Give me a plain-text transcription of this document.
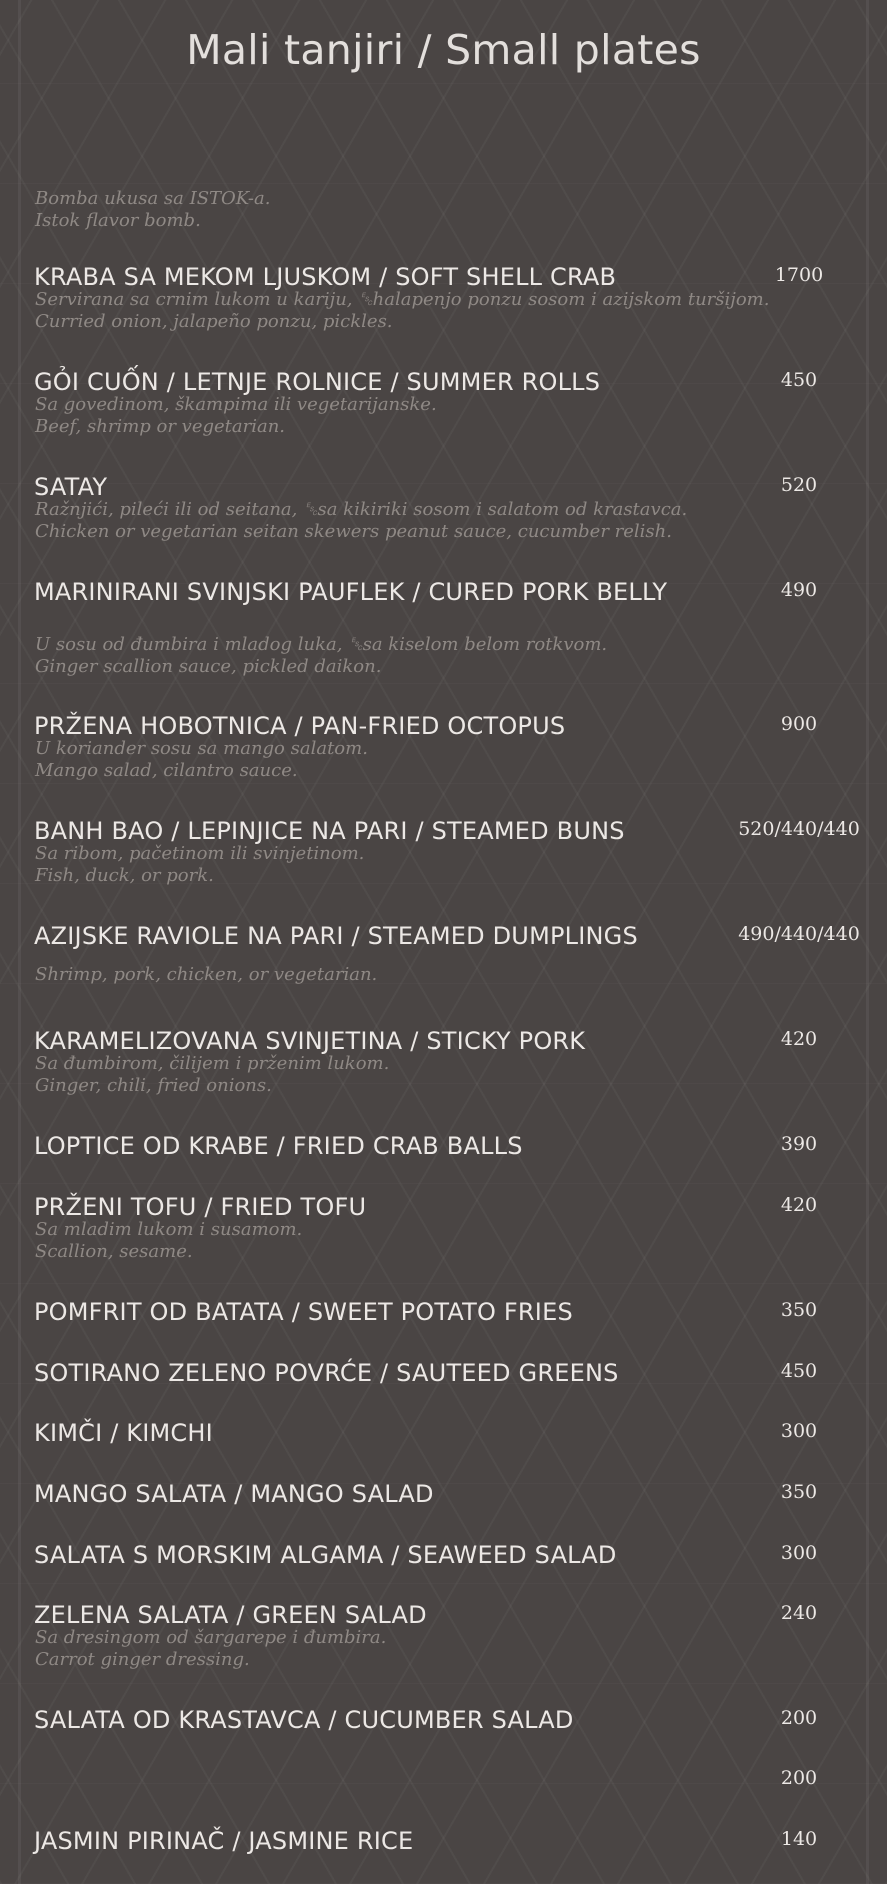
Mali tanjiri / Small plates
Bomba ukusa sa ISTOK-a.
Istok flavor bomb.
KRABA SA MEKOM LJUSKOM / SOFT SHELL CRAB	1700
Servirana sa crnim lukom u kariju, ␛halapenjo ponzu sosom i azijskom turšijom.
Curried onion, jalapeño ponzu, pickles.
GỎI CUỐN / LETNJE ROLNICE / SUMMER ROLLS	450
Sa govedinom, škampima ili vegetarijanske.
Beef, shrimp or vegetarian.
SATAY	520
Ražnjići, pileći ili od seitana, ␛sa kikiriki sosom i salatom od krastavca.
Chicken or vegetarian seitan skewers peanut sauce, cucumber relish.
MARINIRANI SVINJSKI PAUFLEK / CURED PORK BELLY	490
U sosu od đumbira i mladog luka, ␛sa kiselom belom rotkvom.
Ginger scallion sauce, pickled daikon.
PRŽENA HOBOTNICA / PAN-FRIED OCTOPUS	900
U koriander sosu sa mango salatom.
Mango salad, cilantro sauce.
BANH BAO / LEPINJICE NA PARI / STEAMED BUNS	520/440/440
Sa ribom, pačetinom ili svinjetinom.
Fish, duck, or pork.
AZIJSKE RAVIOLE NA PARI / STEAMED DUMPLINGS	490/440/440
Shrimp, pork, chicken, or vegetarian.
KARAMELIZOVANA SVINJETINA / STICKY PORK	420
Sa đumbirom, čilijem i prženim lukom.
Ginger, chili, fried onions.
LOPTICE OD KRABE / FRIED CRAB BALLS	390
PRŽENI TOFU / FRIED TOFU	420
Sa mladim lukom i susamom.
Scallion, sesame.
POMFRIT OD BATATA / SWEET POTATO FRIES	350
SOTIRANO ZELENO POVRĆE / SAUTEED GREENS	450
KIMČI / KIMCHI	300
MANGO SALATA / MANGO SALAD	350
SALATA S MORSKIM ALGAMA / SEAWEED SALAD	300
ZELENA SALATA / GREEN SALAD	240
Sa dresingom od šargarepe i đumbira.
Carrot ginger dressing.
SALATA OD KRASTAVCA / CUCUMBER SALAD	200
200
JASMIN PIRINAČ / JASMINE RICE	140
